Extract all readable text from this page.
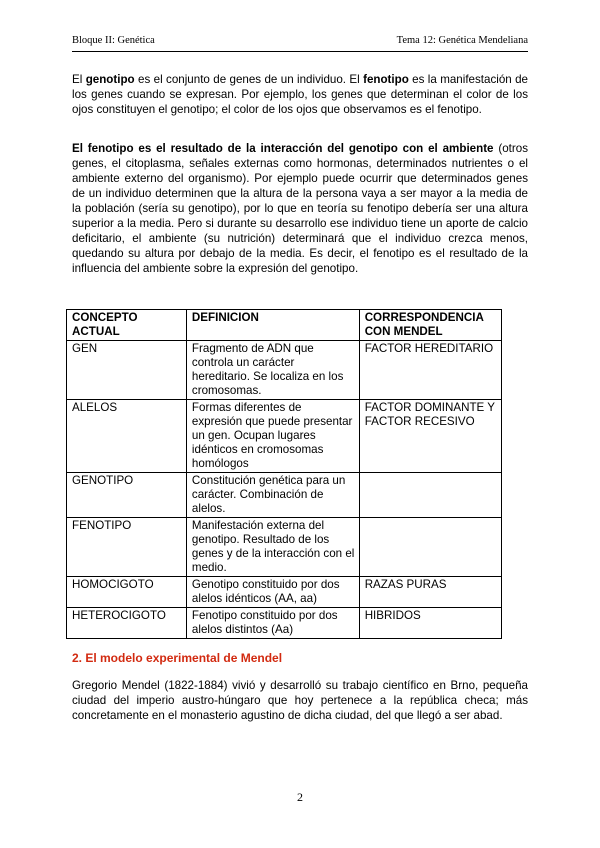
Bloque II: Genética	Tema 12: Genética Mendeliana

El genotipo es el conjunto de genes de un individuo. El fenotipo es la manifestación de los genes cuando se expresan. Por ejemplo, los genes que determinan el color de los ojos constituyen el genotipo; el color de los ojos que observamos es el fenotipo.

El fenotipo es el resultado de la interacción del genotipo con el ambiente (otros genes, el citoplasma, señales externas como hormonas, determinados nutrientes o el ambiente externo del organismo). Por ejemplo puede ocurrir que determinados genes de un individuo determinen que la altura de la persona vaya a ser mayor a la media de la población (sería su genotipo), por lo que en teoría su fenotipo debería ser una altura superior a la media. Pero si durante su desarrollo ese individuo tiene un aporte de calcio deficitario, el ambiente (su nutrición) determinará que el individuo crezca menos, quedando su altura por debajo de la media. Es decir, el fenotipo es el resultado de la influencia del ambiente sobre la expresión del genotipo.

CONCEPTO ACTUAL	DEFINICION	CORRESPONDENCIA CON MENDEL
GEN	Fragmento de ADN que controla un carácter hereditario. Se localiza en los cromosomas.	FACTOR HEREDITARIO
ALELOS	Formas diferentes de expresión que puede presentar un gen. Ocupan lugares idénticos en cromosomas homólogos	FACTOR DOMINANTE Y FACTOR RECESIVO
GENOTIPO	Constitución genética para un carácter. Combinación de alelos.	
FENOTIPO	Manifestación externa del genotipo. Resultado de los genes y de la interacción con el medio.	
HOMOCIGOTO	Genotipo constituido por dos alelos idénticos (AA, aa)	RAZAS PURAS
HETEROCIGOTO	Fenotipo constituido por dos alelos distintos (Aa)	HIBRIDOS
2. El modelo experimental de Mendel

Gregorio Mendel (1822-1884) vivió y desarrolló su trabajo científico en Brno, pequeña ciudad del imperio austro-húngaro que hoy pertenece a la república checa; más concretamente en el monasterio agustino de dicha ciudad, del que llegó a ser abad.

2
